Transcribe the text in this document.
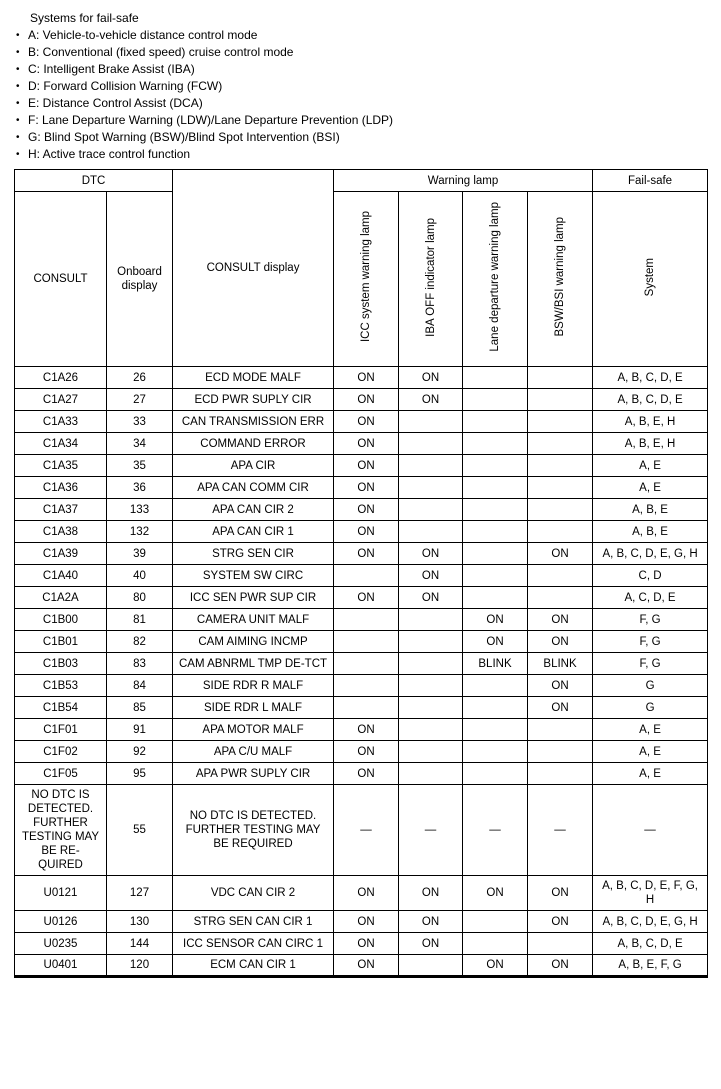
Systems for fail-safe
• A: Vehicle-to-vehicle distance control mode
• B: Conventional (fixed speed) cruise control mode
• C: Intelligent Brake Assist (IBA)
• D: Forward Collision Warning (FCW)
• E: Distance Control Assist (DCA)
• F: Lane Departure Warning (LDW)/Lane Departure Prevention (LDP)
• G: Blind Spot Warning (BSW)/Blind Spot Intervention (BSI)
• H: Active trace control function
DTC		CONSULT display	Warning lamp				Fail-safe
CONSULT	Onboard display		ICC system warning lamp	IBA OFF indicator lamp	Lane departure warning lamp	BSW/BSI warning lamp	System
C1A26	26	ECD MODE MALF	ON	ON			A, B, C, D, E
C1A27	27	ECD PWR SUPLY CIR	ON	ON			A, B, C, D, E
C1A33	33	CAN TRANSMISSION ERR	ON				A, B, E, H
C1A34	34	COMMAND ERROR	ON				A, B, E, H
C1A35	35	APA CIR	ON				A, E
C1A36	36	APA CAN COMM CIR	ON				A, E
C1A37	133	APA CAN CIR 2	ON				A, B, E
C1A38	132	APA CAN CIR 1	ON				A, B, E
C1A39	39	STRG SEN CIR	ON	ON		ON	A, B, C, D, E, G, H
C1A40	40	SYSTEM SW CIRC		ON			C, D
C1A2A	80	ICC SEN PWR SUP CIR	ON	ON			A, C, D, E
C1B00	81	CAMERA UNIT MALF			ON	ON	F, G
C1B01	82	CAM AIMING INCMP			ON	ON	F, G
C1B03	83	CAM ABNRML TMP DE-TCT			BLINK	BLINK	F, G
C1B53	84	SIDE RDR R MALF				ON	G
C1B54	85	SIDE RDR L MALF				ON	G
C1F01	91	APA MOTOR MALF	ON				A, E
C1F02	92	APA C/U MALF	ON				A, E
C1F05	95	APA PWR SUPLY CIR	ON				A, E
NO DTC IS DETECTED. FURTHER TESTING MAY BE RE-QUIRED	55	NO DTC IS DETECTED. FURTHER TESTING MAY BE REQUIRED	—	—	—	—	—
U0121	127	VDC CAN CIR 2	ON	ON	ON	ON	A, B, C, D, E, F, G, H
U0126	130	STRG SEN CAN CIR 1	ON	ON		ON	A, B, C, D, E, G, H
U0235	144	ICC SENSOR CAN CIRC 1	ON	ON			A, B, C, D, E
U0401	120	ECM CAN CIR 1	ON		ON	ON	A, B, E, F, G
